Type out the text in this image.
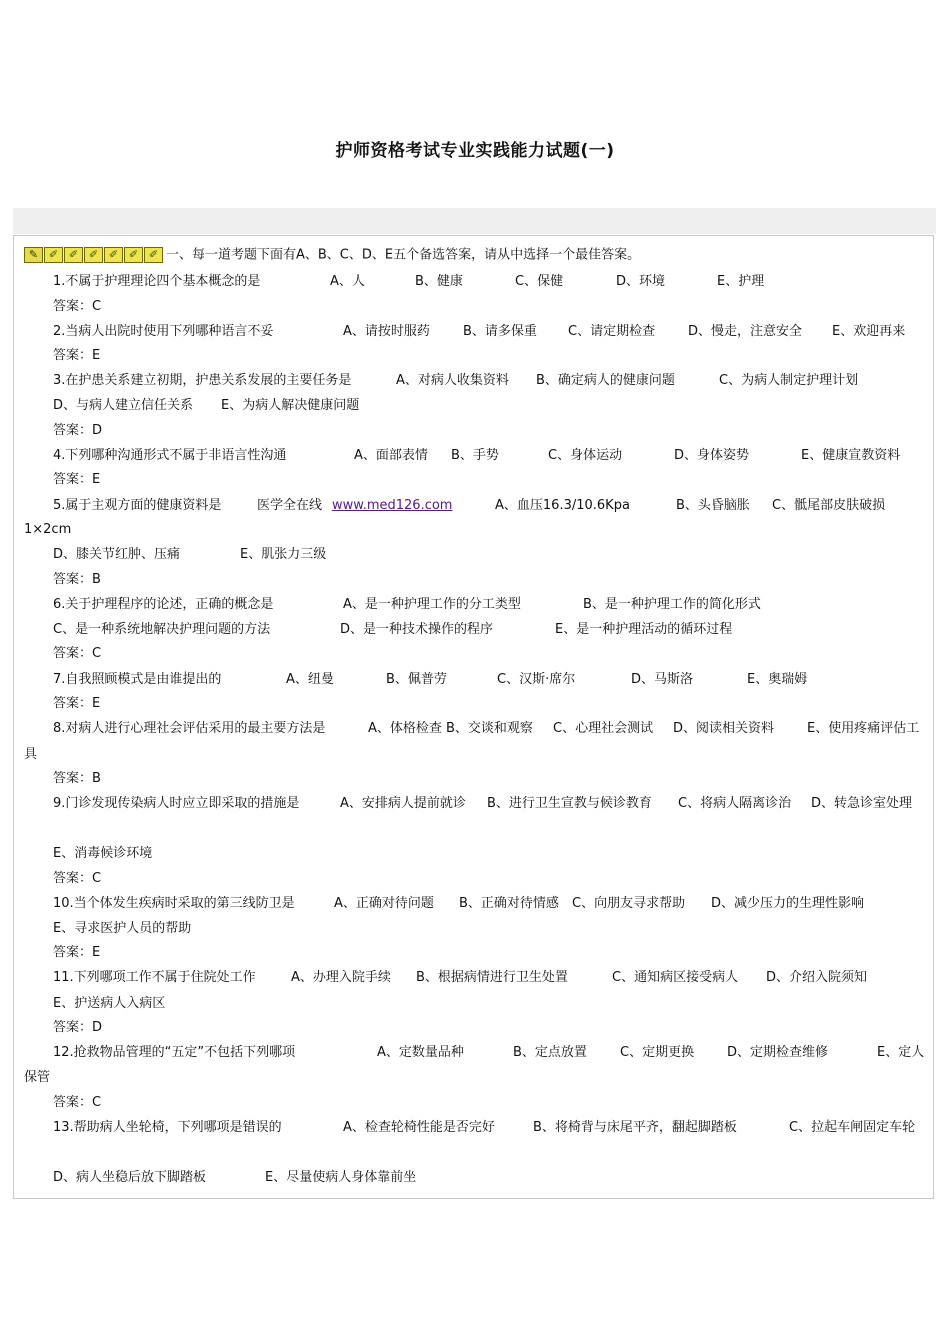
护师资格考试专业实践能力试题(一)
✎ ✐ ✐ ✐ ✐ ✐ ✐ 一、每一道考题下面有A、B、C、D、E五个备选答案，请从中选择一个最佳答案。
1.不属于护理理论四个基本概念的是	A、人	B、健康	C、保健	D、环境	E、护理
答案：C
2.当病人出院时使用下列哪种语言不妥	A、请按时服药	B、请多保重 C、请定期检查	D、慢走，注意安全 E、欢迎再来
答案：E
3.在护患关系建立初期，护患关系发展的主要任务是	A、对病人收集资料 B、确定病人的健康问题	C、为病人制定护理计划
D、与病人建立信任关系 E、为病人解决健康问题
答案：D
4.下列哪种沟通形式不属于非语言性沟通	A、面部表情 B、手势	C、身体运动	D、身体姿势	E、健康宣教资料
答案：E
5.属于主观方面的健康资料是	医学全在线 www.med126.com	A、血压16.3/10.6Kpa	B、头昏脑胀 C、骶尾部皮肤破损
1×2cm
D、膝关节红肿、压痛	E、肌张力三级
答案：B
6.关于护理程序的论述，正确的概念是	A、是一种护理工作的分工类型	B、是一种护理工作的简化形式
C、是一种系统地解决护理问题的方法	D、是一种技术操作的程序	E、是一种护理活动的循环过程
答案：C
7.自我照顾模式是由谁提出的	A、纽曼	B、佩普劳	C、汉斯·席尔	D、马斯洛	E、奥瑞姆
答案：E
8.对病人进行心理社会评估采用的最主要方法是	A、体格检查 B、交谈和观察 C、心理社会测试 D、阅读相关资料	E、使用疼痛评估工
具
答案：B
9.门诊发现传染病人时应立即采取的措施是	A、安排病人提前就诊 B、进行卫生宣教与候诊教育 C、将病人隔离诊治 D、转急诊室处理
E、消毒候诊环境
答案：C
10.当个体发生疾病时采取的第三线防卫是	A、正确对待问题 B、正确对待情感 C、向朋友寻求帮助 D、减少压力的生理性影响
E、寻求医护人员的帮助
答案：E
11.下列哪项工作不属于住院处工作	A、办理入院手续 B、根据病情进行卫生处置	C、通知病区接受病人 D、介绍入院须知
E、护送病人入病区
答案：D
12.抢救物品管理的“五定”不包括下列哪项	A、定数量品种	B、定点放置	C、定期更换	D、定期检查维修	E、定人
保管
答案：C
13.帮助病人坐轮椅，下列哪项是错误的	A、检查轮椅性能是否完好	B、将椅背与床尾平齐，翻起脚踏板	C、拉起车闸固定车轮
D、病人坐稳后放下脚踏板	E、尽量使病人身体靠前坐
